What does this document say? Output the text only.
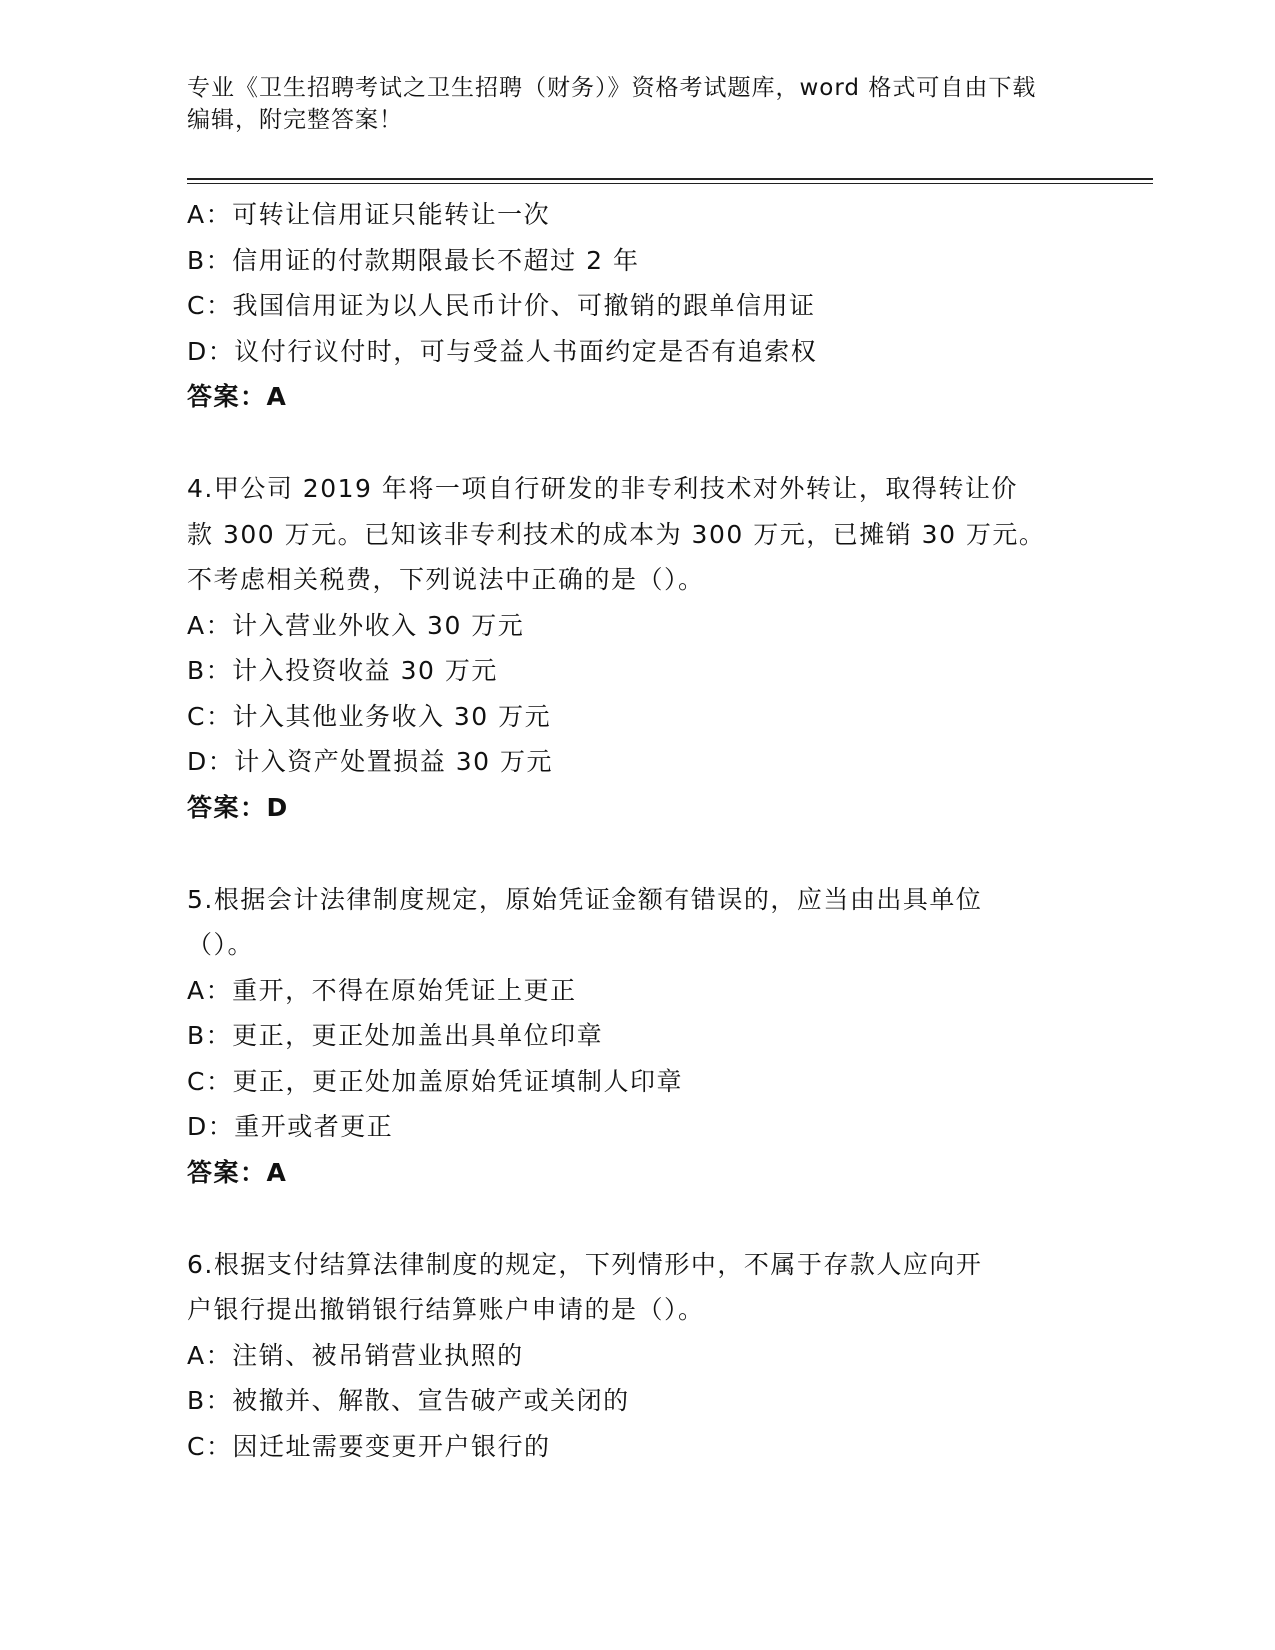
专业《卫生招聘考试之卫生招聘（财务）》资格考试题库，word 格式可自由下载
编辑，附完整答案！
A：可转让信用证只能转让一次
B：信用证的付款期限最长不超过 2 年
C：我国信用证为以人民币计价、可撤销的跟单信用证
D：议付行议付时，可与受益人书面约定是否有追索权
答案：A
4.甲公司 2019 年将一项自行研发的非专利技术对外转让，取得转让价
款 300 万元。已知该非专利技术的成本为 300 万元，已摊销 30 万元。
不考虑相关税费，下列说法中正确的是（）。
A：计入营业外收入 30 万元
B：计入投资收益 30 万元
C：计入其他业务收入 30 万元
D：计入资产处置损益 30 万元
答案：D
5.根据会计法律制度规定，原始凭证金额有错误的，应当由出具单位
（）。
A：重开，不得在原始凭证上更正
B：更正，更正处加盖出具单位印章
C：更正，更正处加盖原始凭证填制人印章
D：重开或者更正
答案：A
6.根据支付结算法律制度的规定，下列情形中，不属于存款人应向开
户银行提出撤销银行结算账户申请的是（）。
A：注销、被吊销营业执照的
B：被撤并、解散、宣告破产或关闭的
C：因迁址需要变更开户银行的
